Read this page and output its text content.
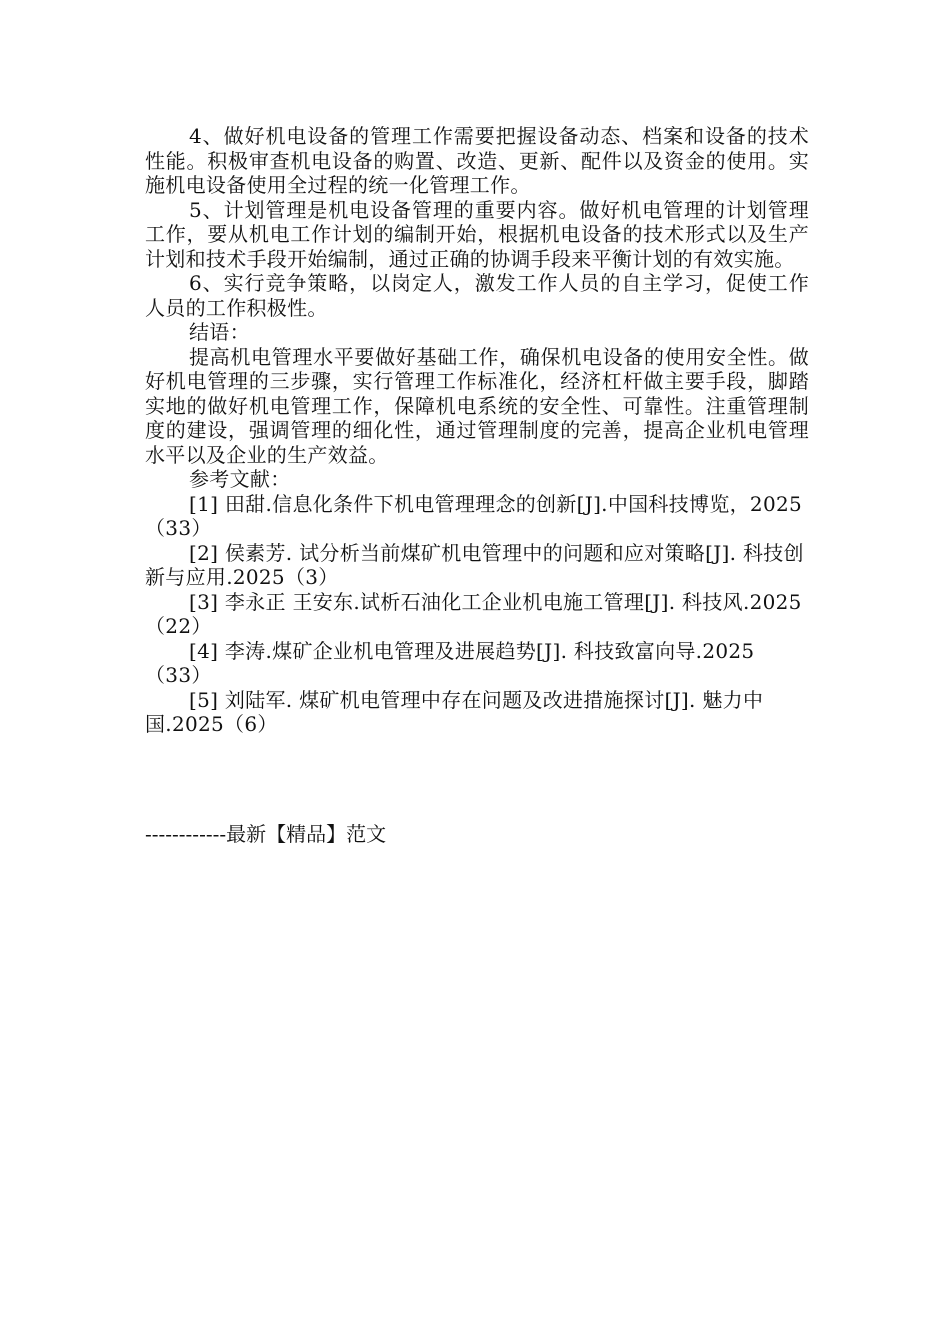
4、做好机电设备的管理工作需要把握设备动态、档案和设备的技术性能。积极审查机电设备的购置、改造、更新、配件以及资金的使用。实施机电设备使用全过程的统一化管理工作。

5、计划管理是机电设备管理的重要内容。做好机电管理的计划管理工作，要从机电工作计划的编制开始，根据机电设备的技术形式以及生产计划和技术手段开始编制，通过正确的协调手段来平衡计划的有效实施。

6、实行竞争策略，以岗定人，激发工作人员的自主学习，促使工作人员的工作积极性。

结语：

提高机电管理水平要做好基础工作，确保机电设备的使用安全性。做好机电管理的三步骤，实行管理工作标准化，经济杠杆做主要手段，脚踏实地的做好机电管理工作，保障机电系统的安全性、可靠性。注重管理制度的建设，强调管理的细化性，通过管理制度的完善，提高企业机电管理水平以及企业的生产效益。

参考文献：

[1] 田甜.信息化条件下机电管理理念的创新[J].中国科技博览，2025（33）

[2] 侯素芳. 试分析当前煤矿机电管理中的问题和应对策略[J]. 科技创新与应用.2025（3）

[3] 李永正 王安东.试析石油化工企业机电施工管理[J]. 科技风.2025（22）

[4] 李涛.煤矿企业机电管理及进展趋势[J]. 科技致富向导.2025（33）

[5] 刘陆军. 煤矿机电管理中存在问题及改进措施探讨[J]. 魅力中国.2025（6）

------------最新【精品】范文
